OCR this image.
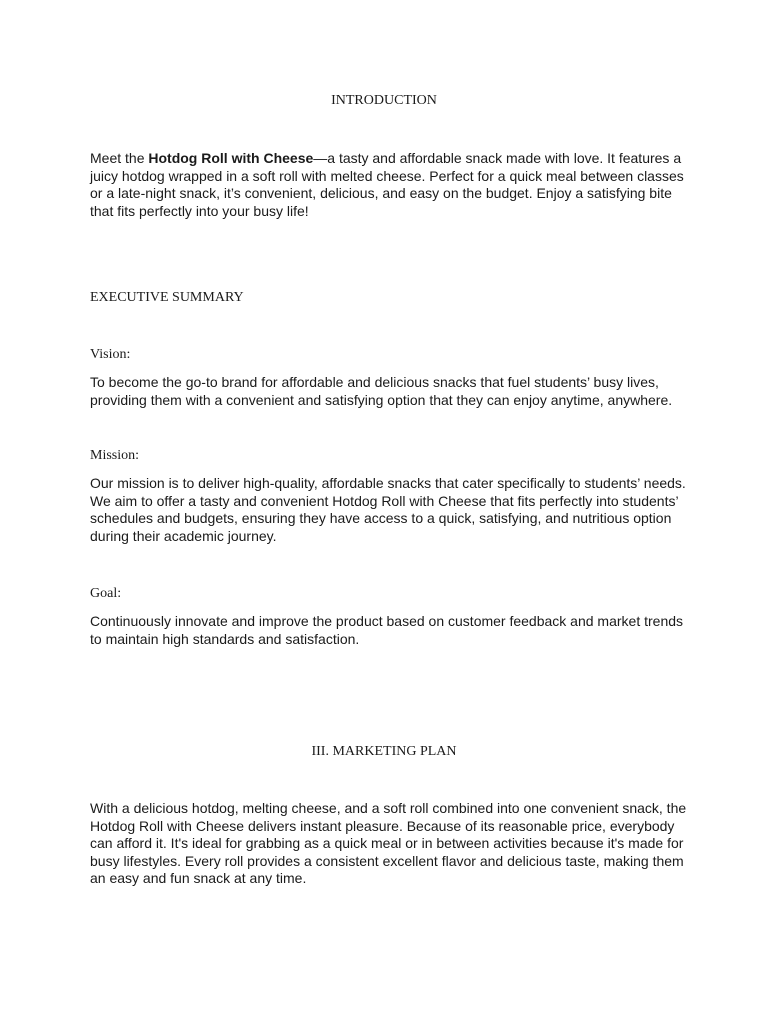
INTRODUCTION

Meet the Hotdog Roll with Cheese—a tasty and affordable snack made with love. It features a juicy hotdog wrapped in a soft roll with melted cheese. Perfect for a quick meal between classes or a late-night snack, it’s convenient, delicious, and easy on the budget. Enjoy a satisfying bite that fits perfectly into your busy life!

EXECUTIVE SUMMARY
Vision:

To become the go-to brand for affordable and delicious snacks that fuel students’ busy lives, providing them with a convenient and satisfying option that they can enjoy anytime, anywhere.

Mission:

Our mission is to deliver high-quality, affordable snacks that cater specifically to students’ needs. We aim to offer a tasty and convenient Hotdog Roll with Cheese that fits perfectly into students’ schedules and budgets, ensuring they have access to a quick, satisfying, and nutritious option during their academic journey.

Goal:

Continuously innovate and improve the product based on customer feedback and market trends to maintain high standards and satisfaction.

III. MARKETING PLAN

With a delicious hotdog, melting cheese, and a soft roll combined into one convenient snack, the Hotdog Roll with Cheese delivers instant pleasure. Because of its reasonable price, everybody can afford it. It's ideal for grabbing as a quick meal or in between activities because it's made for busy lifestyles. Every roll provides a consistent excellent flavor and delicious taste, making them an easy and fun snack at any time.
